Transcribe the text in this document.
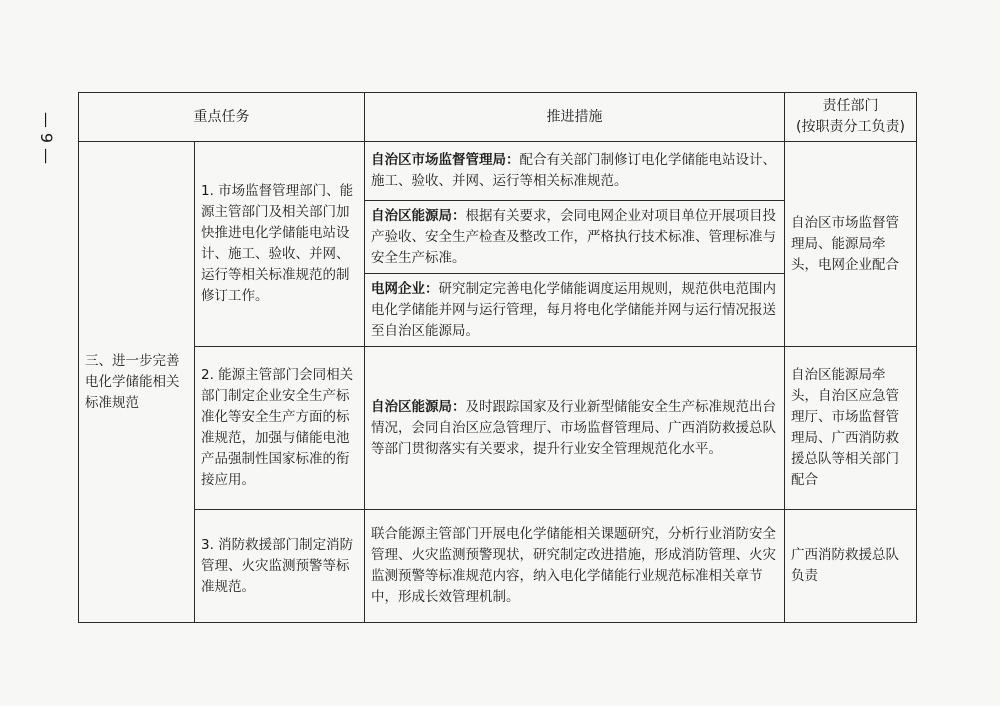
— 9 —	重点任务		推进措施	责任部门
(按职责分工负责)
三、进一步完善电化学储能相关标准规范	1. 市场监督管理部门、能源主管部门及相关部门加快推进电化学储能电站设计、施工、验收、并网、运行等相关标准规范的制修订工作。	自治区市场监督管理局：配合有关部门制修订电化学储能电站设计、施工、验收、并网、运行等相关标准规范。	自治区市场监督管理局、能源局牵头，电网企业配合
		自治区能源局：根据有关要求，会同电网企业对项目单位开展项目投产验收、安全生产检查及整改工作，严格执行技术标准、管理标准与安全生产标准。	
		电网企业：研究制定完善电化学储能调度运用规则，规范供电范围内电化学储能并网与运行管理，每月将电化学储能并网与运行情况报送至自治区能源局。	
	2. 能源主管部门会同相关部门制定企业安全生产标准化等安全生产方面的标准规范，加强与储能电池产品强制性国家标准的衔接应用。	自治区能源局：及时跟踪国家及行业新型储能安全生产标准规范出台情况，会同自治区应急管理厅、市场监督管理局、广西消防救援总队等部门贯彻落实有关要求，提升行业安全管理规范化水平。	自治区能源局牵头，自治区应急管理厅、市场监督管理局、广西消防救援总队等相关部门配合
	3. 消防救援部门制定消防管理、火灾监测预警等标准规范。	联合能源主管部门开展电化学储能相关课题研究，分析行业消防安全管理、火灾监测预警现状，研究制定改进措施，形成消防管理、火灾监测预警等标准规范内容，纳入电化学储能行业规范标准相关章节中，形成长效管理机制。	广西消防救援总队负责
